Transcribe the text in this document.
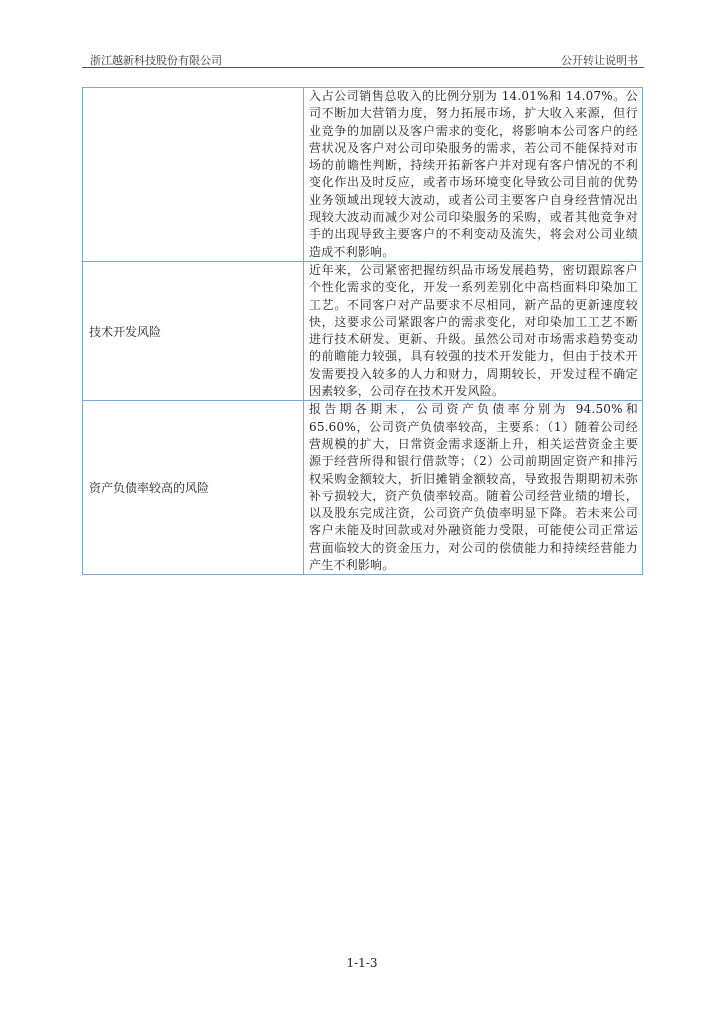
浙江越新科技股份有限公司	公开转让说明书
	入占公司销售总收入的比例分别为 14.01%和 14.07%。公司不断加大营销力度，努力拓展市场，扩大收入来源，但行业竞争的加剧以及客户需求的变化，将影响本公司客户的经营状况及客户对公司印染服务的需求，若公司不能保持对市场的前瞻性判断，持续开拓新客户并对现有客户情况的不利变化作出及时反应，或者市场环境变化导致公司目前的优势业务领域出现较大波动，或者公司主要客户自身经营情况出现较大波动而减少对公司印染服务的采购，或者其他竞争对手的出现导致主要客户的不利变动及流失，将会对公司业绩造成不利影响。
技术开发风险	近年来，公司紧密把握纺织品市场发展趋势，密切跟踪客户个性化需求的变化，开发一系列差别化中高档面料印染加工工艺。不同客户对产品要求不尽相同，新产品的更新速度较快，这要求公司紧跟客户的需求变化，对印染加工工艺不断进行技术研发、更新、升级。虽然公司对市场需求趋势变动的前瞻能力较强，具有较强的技术开发能力，但由于技术开发需要投入较多的人力和财力，周期较长，开发过程不确定因素较多，公司存在技术开发风险。
资产负债率较高的风险	报告期各期末，公司资产负债率分别为 94.50%和 65.60%，公司资产负债率较高，主要系：（1）随着公司经营规模的扩大，日常资金需求逐渐上升，相关运营资金主要源于经营所得和银行借款等；（2）公司前期固定资产和排污权采购金额较大，折旧摊销金额较高，导致报告期期初未弥补亏损较大，资产负债率较高。随着公司经营业绩的增长，以及股东完成注资，公司资产负债率明显下降。若未来公司客户未能及时回款或对外融资能力受限，可能使公司正常运营面临较大的资金压力，对公司的偿债能力和持续经营能力产生不利影响。
1-1-3
